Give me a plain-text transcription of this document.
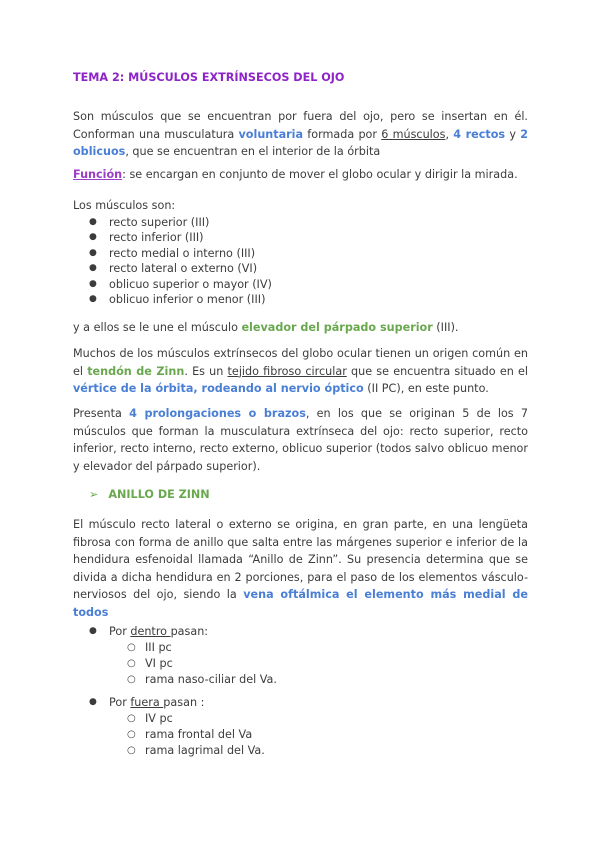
TEMA 2: MÚSCULOS EXTRÍNSECOS DEL OJO

Son músculos que se encuentran por fuera del ojo, pero se insertan en él. Conforman una musculatura voluntaria formada por 6 músculos, 4 rectos y 2 oblicuos, que se encuentran en el interior de la órbita

Función: se encargan en conjunto de mover el globo ocular y dirigir la mirada.

Los músculos son:

● recto superior (III)
● recto inferior (III)
● recto medial o interno (III)
● recto lateral o externo (VI)
● oblicuo superior o mayor (IV)
● oblicuo inferior o menor (III)

y a ellos se le une el músculo elevador del párpado superior (III).

Muchos de los músculos extrínsecos del globo ocular tienen un origen común en el tendón de Zinn. Es un tejido fibroso circular que se encuentra situado en el vértice de la órbita, rodeando al nervio óptico (II PC), en este punto.

Presenta 4 prolongaciones o brazos, en los que se originan 5 de los 7 músculos que forman la musculatura extrínseca del ojo: recto superior, recto inferior, recto interno, recto externo, oblicuo superior (todos salvo oblicuo menor y elevador del párpado superior).

➢ ANILLO DE ZINN

El músculo recto lateral o externo se origina, en gran parte, en una lengüeta fibrosa con forma de anillo que salta entre las márgenes superior e inferior de la hendidura esfenoidal llamada “Anillo de Zinn”. Su presencia determina que se divida a dicha hendidura en 2 porciones, para el paso de los elementos vásculo-nerviosos del ojo, siendo la vena oftálmica el elemento más medial de todos

● Por dentro pasan:
○ III pc
○ VI pc
○ rama naso-ciliar del Va.
● Por fuera pasan :
○ IV pc
○ rama frontal del Va
○ rama lagrimal del Va.
